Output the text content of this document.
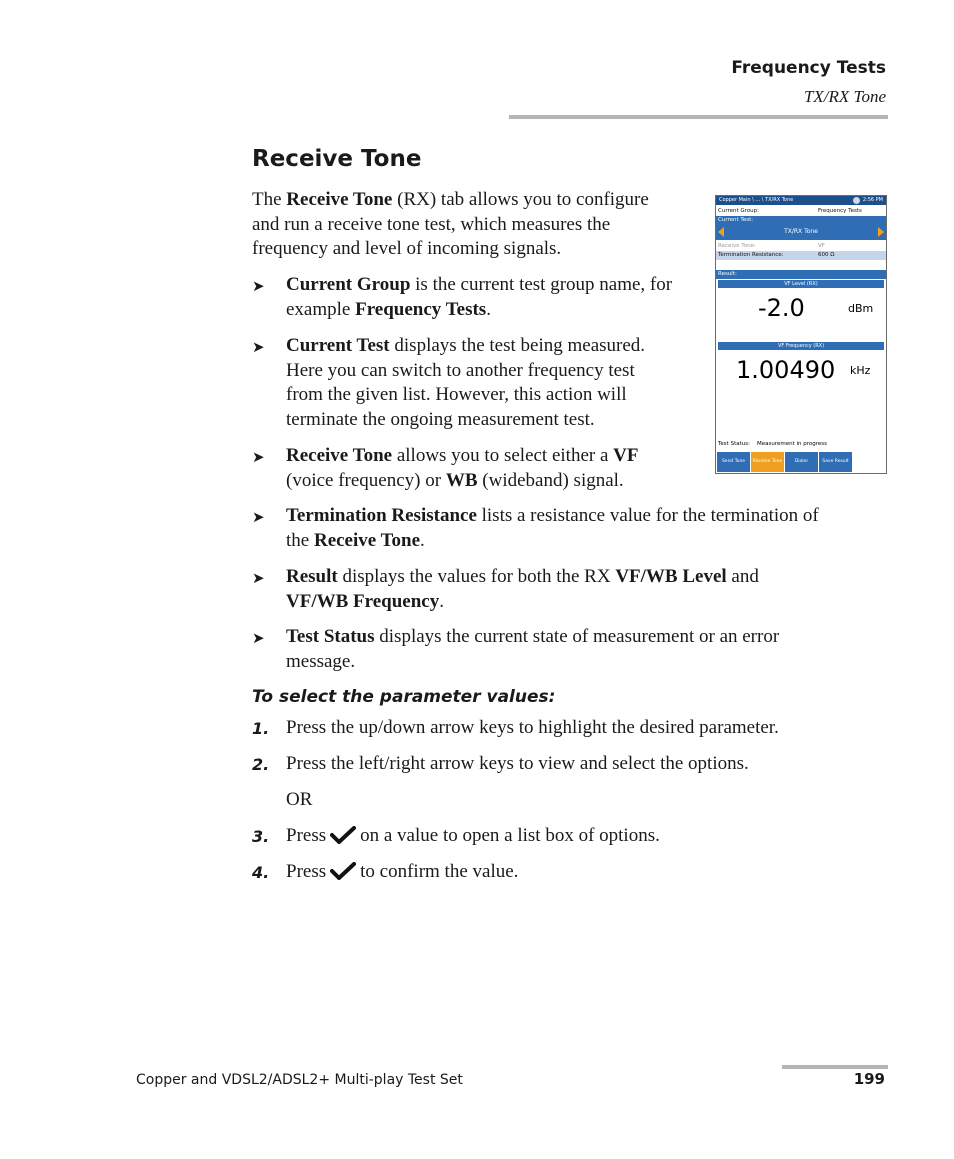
Frequency Tests
TX/RX Tone
Receive Tone
The Receive Tone (RX) tab allows you to configure
and run a receive tone test, which measures the
frequency and level of incoming signals.
➤ Current Group is the current test group name, for
example Frequency Tests.
➤ Current Test displays the test being measured.
Here you can switch to another frequency test
from the given list. However, this action will
terminate the ongoing measurement test.
➤ Receive Tone allows you to select either a VF
(voice frequency) or WB (wideband) signal.
➤ Termination Resistance lists a resistance value for the termination of
the Receive Tone.
➤ Result displays the values for both the RX VF/WB Level and
VF/WB Frequency.
➤ Test Status displays the current state of measurement or an error
message.
To select the parameter values:
1. Press the up/down arrow keys to highlight the desired parameter.
2. Press the left/right arrow keys to view and select the options.
OR
3. Press on a value to open a list box of options.
4. Press to confirm the value.
Copper Main \ ... \ TX/RX Tone	2:56 PM
Current Group:	Frequency Tests
Current Test:
TX/RX Tone
Receive Tone:	VF
Termination Resistance:	600 Ω
Result:
VF Level (RX)
-2.0	dBm
VF Frequency (RX)
1.00490 kHz
Test Status: Measurement in progress
Send Tone	Receive Tone	Dialer	Save Result
Copper and VDSL2/ADSL2+ Multi-play Test Set	199
